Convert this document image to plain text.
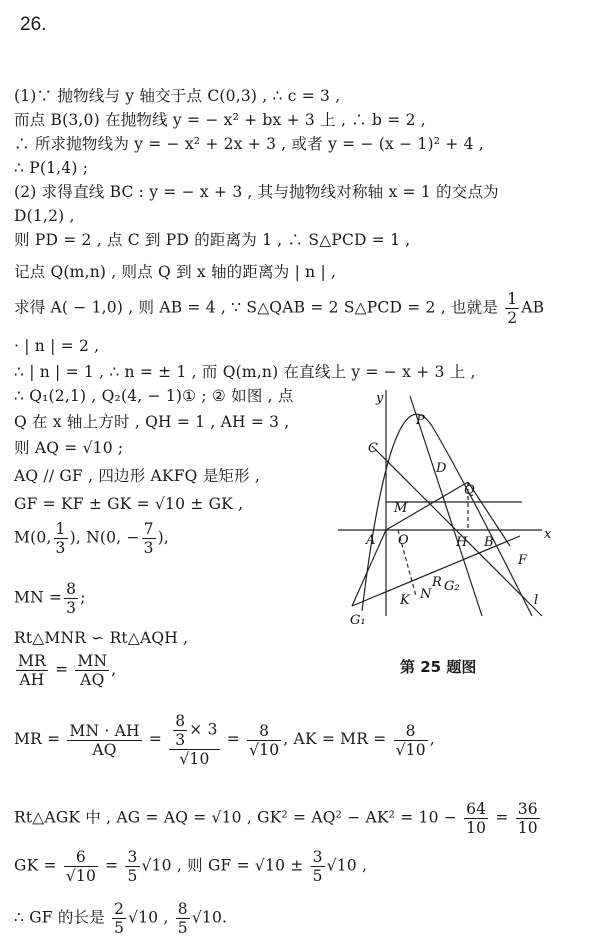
26.
(1)∵ 抛物线与 y 轴交于点 C(0,3) , ∴ c = 3 ,
而点 B(3,0) 在抛物线 y = − x² + bx + 3 上 , ∴ b = 2 ,
∴ 所求抛物线为 y = − x² + 2x + 3 , 或者 y = − (x − 1)² + 4 ,
∴ P(1,4) ;
(2) 求得直线 BC : y = − x + 3 , 其与抛物线对称轴 x = 1 的交点为
D(1,2) ,
则 PD = 2 , 点 C 到 PD 的距离为 1 , ∴ S△PCD = 1 ,
记点 Q(m,n) , 则点 Q 到 x 轴的距离为 | n | ,
求得 A( − 1,0) , 则 AB = 4 , ∵ S△QAB = 2 S△PCD = 2 , 也就是 $\frac{1}{2}$ AB
· | n | = 2 ,
∴ | n | = 1 , ∴ n = ± 1 , 而 Q(m,n) 在直线上 y = − x + 3 上 ,
∴ Q₁(2,1) , Q₂(4, − 1)① ; ② 如图 , 点
Q 在 x 轴上方时 , QH = 1 , AH = 3 ,
则 AQ = √10 ;
AQ // GF , 四边形 AKFQ 是矩形 ,
GF = KF ± GK = √10 ± GK ,
M(0, $\frac{1}{3}$ ), N(0, − $\frac{7}{3}$ ),
MN = $\frac{8}{3}$ ;
Rt△MNR ∽ Rt△AQH ,
$\frac{MR}{AH} = \frac{MN}{AQ}$ ,
MR = $\frac{MN \cdot AH}{AQ} = \frac{\frac{8}{3} \times 3}{√10} = \frac{8}{√10}$ , AK = MR = $\frac{8}{√10}$ ,
Rt△AGK 中 , AG = AQ = √10 , $GK^2 = AQ^2 - AK^2 = 10 - \frac{64}{10} = \frac{36}{10}$
GK = $\frac{6}{√10} = \frac{3}{5} √10$ , 则 GF = $√10 \pm \frac{3}{5} √10$ ,
∴ GF 的长是 $\frac{2}{5} √10$ , $\frac{8}{5} √10$.
y
P
C
D
Q
M
A O	H B
x
F
R G₂
K N
G₁
l
第 25 题图
